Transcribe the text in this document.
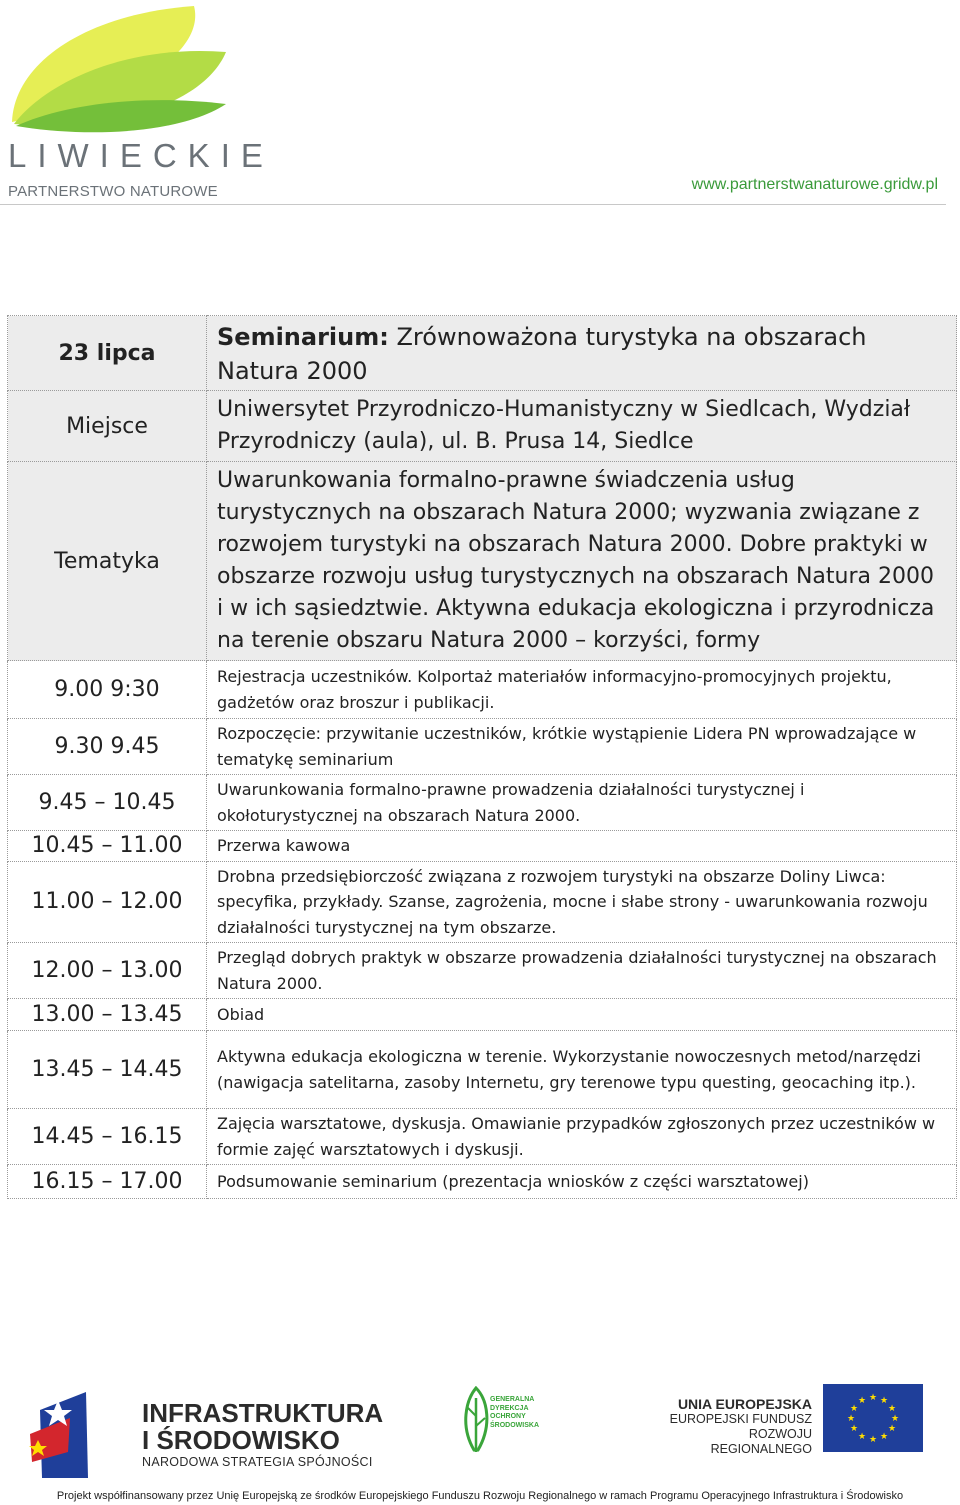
LIWIECKIE
PARTNERSTWO NATUROWE	www.partnerstwanaturowe.gridw.pl
23 lipca	Seminarium: Zrównoważona turystyka na obszarach Natura 2000
Miejsce	Uniwersytet Przyrodniczo-Humanistyczny w Siedlcach, Wydział Przyrodniczy (aula), ul. B. Prusa 14, Siedlce
Tematyka	Uwarunkowania formalno-prawne świadczenia usług turystycznych na obszarach Natura 2000; wyzwania związane z rozwojem turystyki na obszarach Natura 2000. Dobre praktyki w obszarze rozwoju usług turystycznych na obszarach Natura 2000 i w ich sąsiedztwie. Aktywna edukacja ekologiczna i przyrodnicza na terenie obszaru Natura 2000 – korzyści, formy
9.00 9:30	Rejestracja uczestników. Kolportaż materiałów informacyjno-promocyjnych projektu, gadżetów oraz broszur i publikacji.
9.30 9.45	Rozpoczęcie: przywitanie uczestników, krótkie wystąpienie Lidera PN wprowadzające w tematykę seminarium
9.45 – 10.45	Uwarunkowania formalno-prawne prowadzenia działalności turystycznej i okołoturystycznej na obszarach Natura 2000.
10.45 – 11.00	Przerwa kawowa
11.00 – 12.00	Drobna przedsiębiorczość związana z rozwojem turystyki na obszarze Doliny Liwca: specyfika, przykłady. Szanse, zagrożenia, mocne i słabe strony - uwarunkowania rozwoju działalności turystycznej na tym obszarze.
12.00 – 13.00	Przegląd dobrych praktyk w obszarze prowadzenia działalności turystycznej na obszarach Natura 2000.
13.00 – 13.45	Obiad
13.45 – 14.45	Aktywna edukacja ekologiczna w terenie. Wykorzystanie nowoczesnych metod/narzędzi (nawigacja satelitarna, zasoby Internetu, gry terenowe typu questing, geocaching itp.).
14.45 – 16.15	Zajęcia warsztatowe, dyskusja. Omawianie przypadków zgłoszonych przez uczestników w formie zajęć warsztatowych i dyskusji.
16.15 – 17.00	Podsumowanie seminarium (prezentacja wniosków z części warsztatowej)
INFRASTRUKTURA
I ŚRODOWISKO
NARODOWA STRATEGIA SPÓJNOŚCI
GENERALNA DYREKCJA OCHRONY ŚRODOWISKA
UNIA EUROPEJSKA
EUROPEJSKI FUNDUSZ
ROZWOJU REGIONALNEGO
★ ★
★
★
★
★
★
★
★
★
★
★
Projekt współfinansowany przez Unię Europejską ze środków Europejskiego Funduszu Rozwoju Regionalnego w ramach Programu Operacyjnego Infrastruktura i Środowisko
